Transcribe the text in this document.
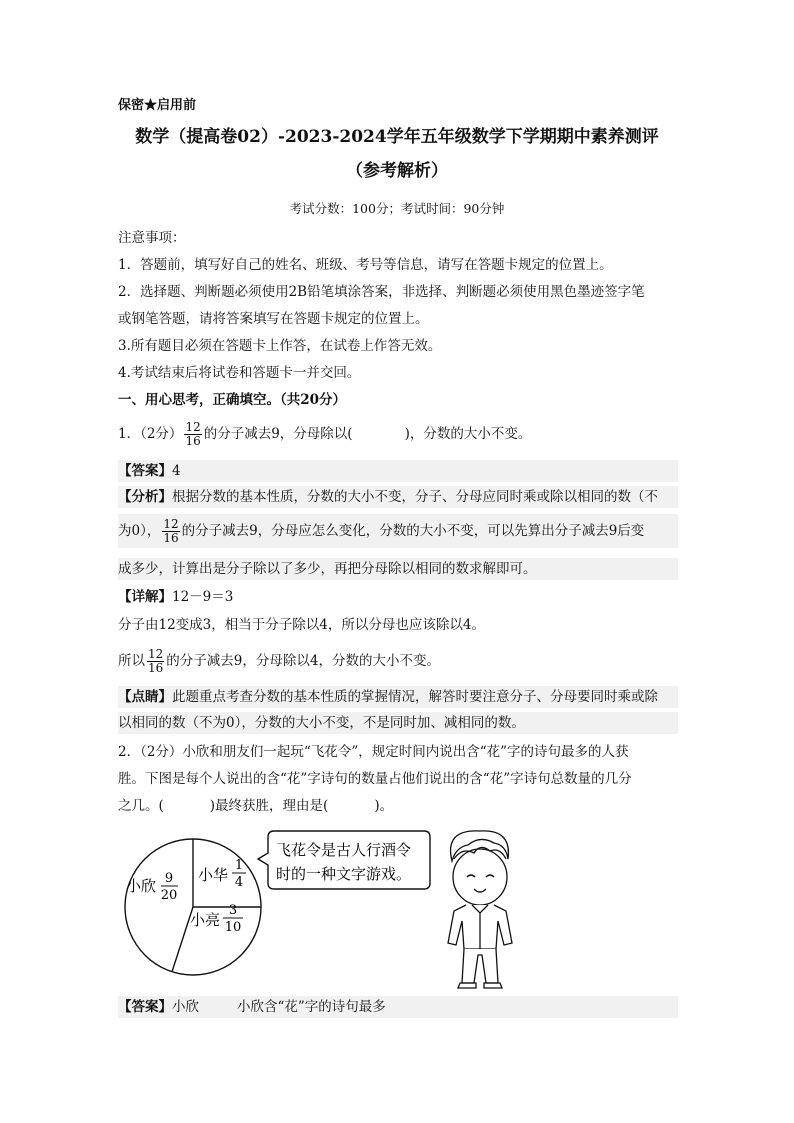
保密★启用前
数学（提高卷02）-2023-2024学年五年级数学下学期期中素养测评
（参考解析）
考试分数：100分；考试时间：90分钟
注意事项：
1．答题前，填写好自己的姓名、班级、考号等信息，请写在答题卡规定的位置上。
2．选择题、判断题必须使用2B铅笔填涂答案，非选择、判断题必须使用黑色墨迹签字笔
或钢笔答题，请将答案填写在答题卡规定的位置上。
3.所有题目必须在答题卡上作答，在试卷上作答无效。
4.考试结束后将试卷和答题卡一并交回。
一、用心思考，正确填空。（共20分）
1．（2分） $\frac{12}{16}$ 的分子减去9，分母除以(	)，分数的大小不变。
【答案】4
【分析】根据分数的基本性质，分数的大小不变，分子、分母应同时乘或除以相同的数（不
为0）， $\frac{12}{16}$ 的分子减去9，分母应怎么变化，分数的大小不变，可以先算出分子减去9后变
成多少，计算出是分子除以了多少，再把分母除以相同的数求解即可。
【详解】12－9＝3
分子由12变成3，相当于分子除以4，所以分母也应该除以4。
所以 $\frac{12}{16}$ 的分子减去9，分母除以4，分数的大小不变。
【点睛】此题重点考查分数的基本性质的掌握情况，解答时要注意分子、分母要同时乘或除
以相同的数（不为0），分数的大小不变，不是同时加、减相同的数。
2．（2分）小欣和朋友们一起玩“飞花令”，规定时间内说出含“花”字的诗句最多的人获
胜。下图是每个人说出的含“花”字诗句的数量占他们说出的含“花”字诗句总数量的几分
之几。(	)最终获胜，理由是(	)。
小欣 9
20
小华
1
4
小亮
3
10
飞花令是古人行酒令
时的一种文字游戏。
【答案】小欣	小欣含“花”字的诗句最多
